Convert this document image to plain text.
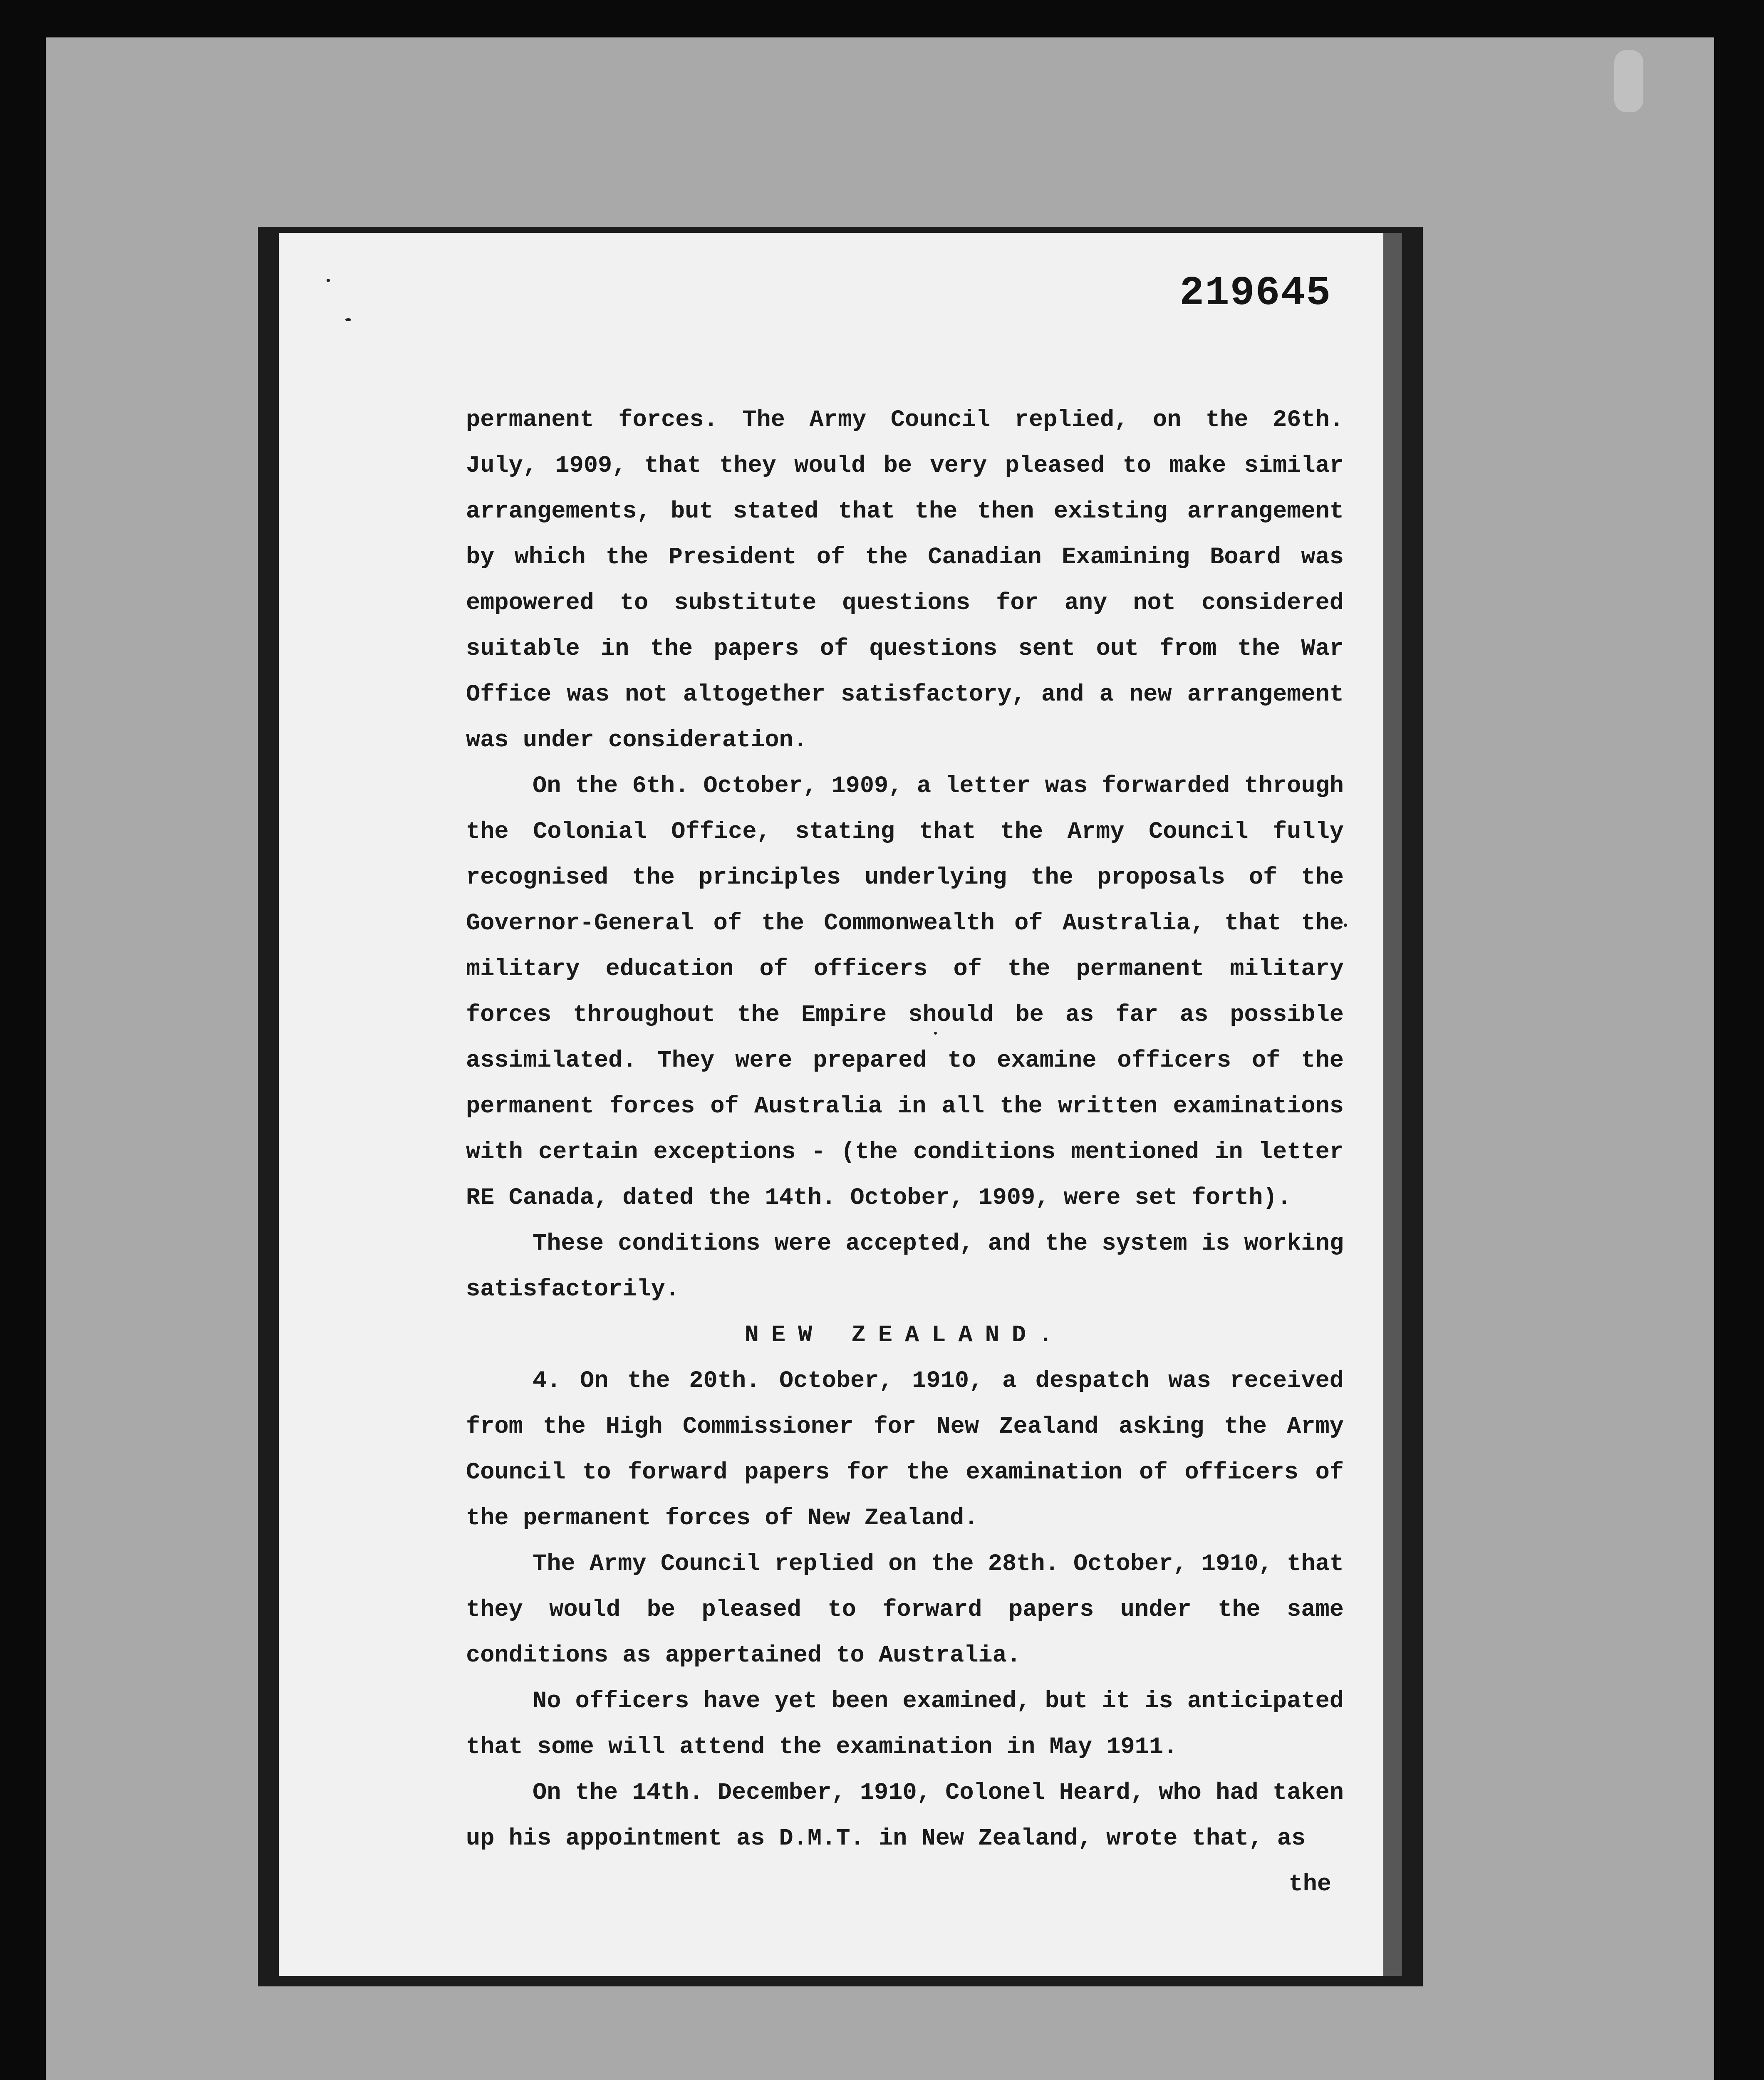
219645

permanent forces. The Army Council replied, on the 26th. July, 1909, that they would be very pleased to make similar arrangements, but stated that the then existing arrangement by which the President of the Canadian Examining Board was empowered to substitute questions for any not considered suitable in the papers of questions sent out from the War Office was not altogether satisfactory, and a new arrangement was under consideration.

On the 6th. October, 1909, a letter was forwarded through the Colonial Office, stating that the Army Council fully recognised the principles underlying the proposals of the Governor-General of the Commonwealth of Australia, that the military education of officers of the permanent military forces throughout the Empire should be as far as possible assimilated. They were prepared to examine officers of the permanent forces of Australia in all the written examinations with certain exceptions - (the conditions mentioned in letter RE Canada, dated the 14th. October, 1909, were set forth).

These conditions were accepted, and the system is working satisfactorily.

NEW ZEALAND.

4. On the 20th. October, 1910, a despatch was received from the High Commissioner for New Zealand asking the Army Council to forward papers for the examination of officers of the permanent forces of New Zealand.

The Army Council replied on the 28th. October, 1910, that they would be pleased to forward papers under the same conditions as appertained to Australia.

No officers have yet been examined, but it is anticipated that some will attend the examination in May 1911.

On the 14th. December, 1910, Colonel Heard, who had taken up his appointment as D.M.T. in New Zealand, wrote that, as

the
